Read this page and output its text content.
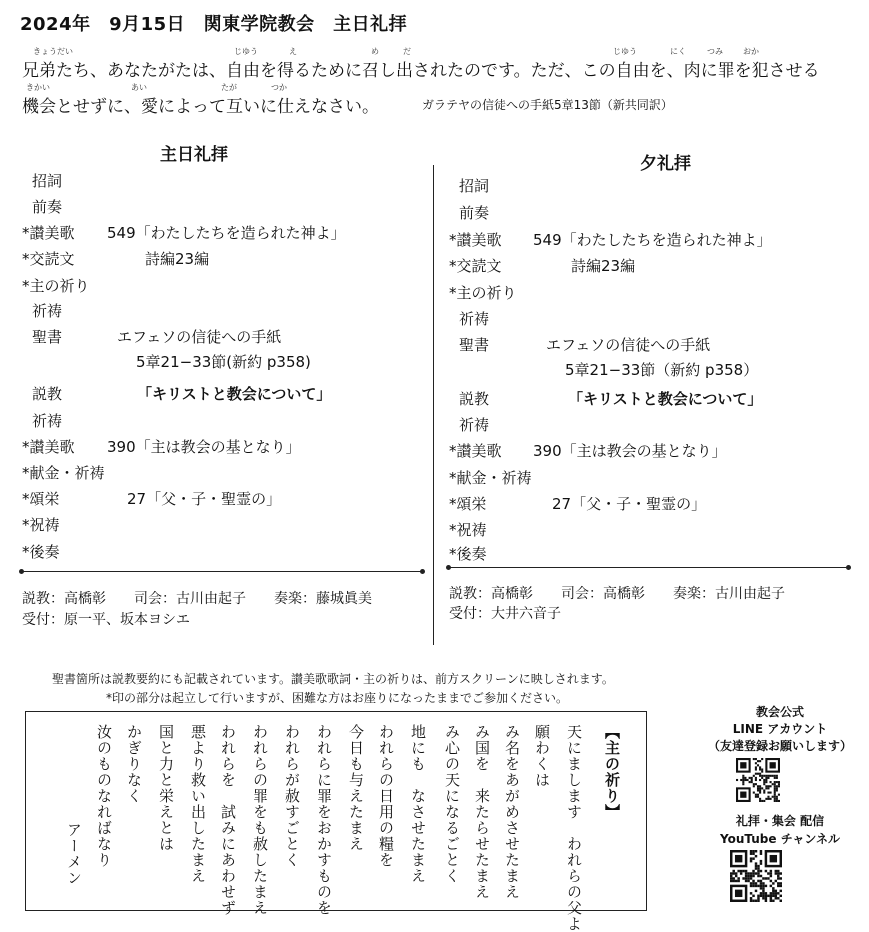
2024年　9月15日　関東学院教会　主日礼拝
兄弟たち、あなたがたは、自由を得るために召し出されたのです。ただ、この自由を、肉に罪を犯させる
機会とせずに、愛によって互いに仕えなさい。	ガラテヤの信徒への手紙5章13節（新共同訳）
きょうだい	じゆう	え	め	だ	じゆう	にく	つみ	おか
きかい	あい	たが	つか
主日礼拝
招詞
前奏
*讃美歌 549「わたしたちを造られた神よ」
*交読文	詩編23編
*主の祈り
祈祷
聖書	エフェソの信徒への手紙
5章21−33節(新約 p358)
説教	「キリストと教会について」
祈祷
*讃美歌 390「主は教会の基となり」
*献金・祈祷
*頌栄	27「父・子・聖霊の」
*祝祷
*後奏
夕礼拝
招詞
前奏
*讃美歌 549「わたしたちを造られた神よ」
*交読文	詩編23編
*主の祈り
祈祷
聖書	エフェソの信徒への手紙
5章21−33節（新約 p358）
説教	「キリストと教会について」
祈祷
*讃美歌 390「主は教会の基となり」
*献金・祈祷
*頌栄	27「父・子・聖霊の」
*祝祷
*後奏
説教：高橋彰　　司会：古川由起子　　奏楽：藤城眞美
受付：原一平、坂本ヨシエ
説教：高橋彰　　司会：高橋彰　　奏楽：古川由起子
受付：大井六音子
聖書箇所は説教要約にも記載されています。讃美歌歌詞・主の祈りは、前方スクリーンに映しされます。
*印の部分は起立して行いますが、困難な方はお座りになったままでご参加ください。
【主の祈り】
天にまします　われらの父よ
願わくは
み名をあがめさせたまえ
み国を　来たらせたまえ
み心の天になるごとく
地にも　なさせたまえ
われらの日用の糧を
今日も与えたまえ
われらに罪をおかすものを
われらが赦すごとく
われらの罪をも赦したまえ
われらを　試みにあわせず
悪より救い出したまえ
国と力と栄えとは
かぎりなく
汝のものなればなり
アーメン
教会公式
LINE アカウント
（友達登録お願いします）
礼拝・集会 配信
YouTube チャンネル
